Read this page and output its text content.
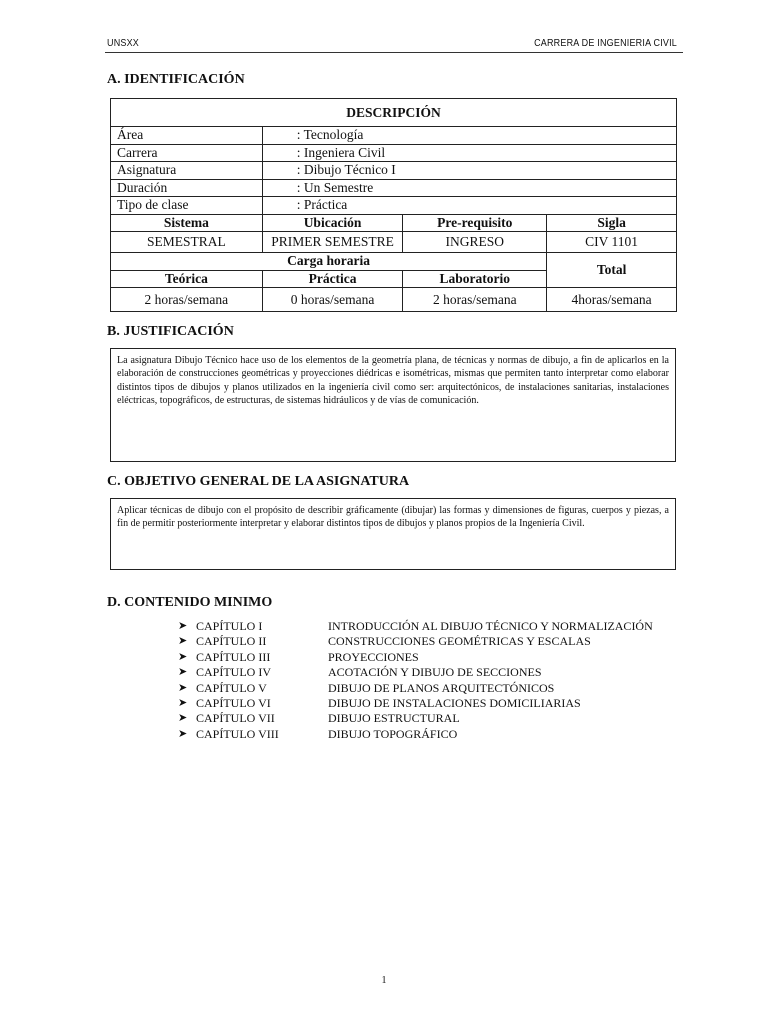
UNSXX	CARRERA DE INGENIERIA CIVIL
A. IDENTIFICACIÓN
DESCRIPCIÓN			
Área	: Tecnología		
Carrera	: Ingeniera Civil		
Asignatura	: Dibujo Técnico I		
Duración	: Un Semestre		
Tipo de clase	: Práctica		
Sistema	Ubicación	Pre-requisito	Sigla
SEMESTRAL	PRIMER SEMESTRE	INGRESO	CIV 1101
Carga horaria			Total
Teórica	Práctica	Laboratorio	
2 horas/semana	0 horas/semana	2 horas/semana	4horas/semana
B. JUSTIFICACIÓN
La asignatura Dibujo Técnico hace uso de los elementos de la geometría plana, de técnicas y normas de dibujo, a fin de aplicarlos en la elaboración de construcciones geométricas y proyecciones diédricas e isométricas, mismas que permiten tanto interpretar como elaborar distintos tipos de dibujos y planos utilizados en la ingeniería civil como ser: arquitectónicos, de instalaciones sanitarias, instalaciones eléctricas, topográficos, de estructuras, de sistemas hidráulicos y de vías de comunicación.
C. OBJETIVO GENERAL DE LA ASIGNATURA
Aplicar técnicas de dibujo con el propósito de describir gráficamente (dibujar) las formas y dimensiones de figuras, cuerpos y piezas, a fin de permitir posteriormente interpretar y elaborar distintos tipos de dibujos y planos propios de la Ingeniería Civil.
D. CONTENIDO MINIMO
➤ CAPÍTULO I	INTRODUCCIÓN AL DIBUJO TÉCNICO Y NORMALIZACIÓN
➤ CAPÍTULO II	CONSTRUCCIONES GEOMÉTRICAS Y ESCALAS
➤ CAPÍTULO III	PROYECCIONES
➤ CAPÍTULO IV	ACOTACIÓN Y DIBUJO DE SECCIONES
➤ CAPÍTULO V	DIBUJO DE PLANOS ARQUITECTÓNICOS
➤ CAPÍTULO VI	DIBUJO DE INSTALACIONES DOMICILIARIAS
➤ CAPÍTULO VII	DIBUJO ESTRUCTURAL
➤ CAPÍTULO VIII	DIBUJO TOPOGRÁFICO
1
